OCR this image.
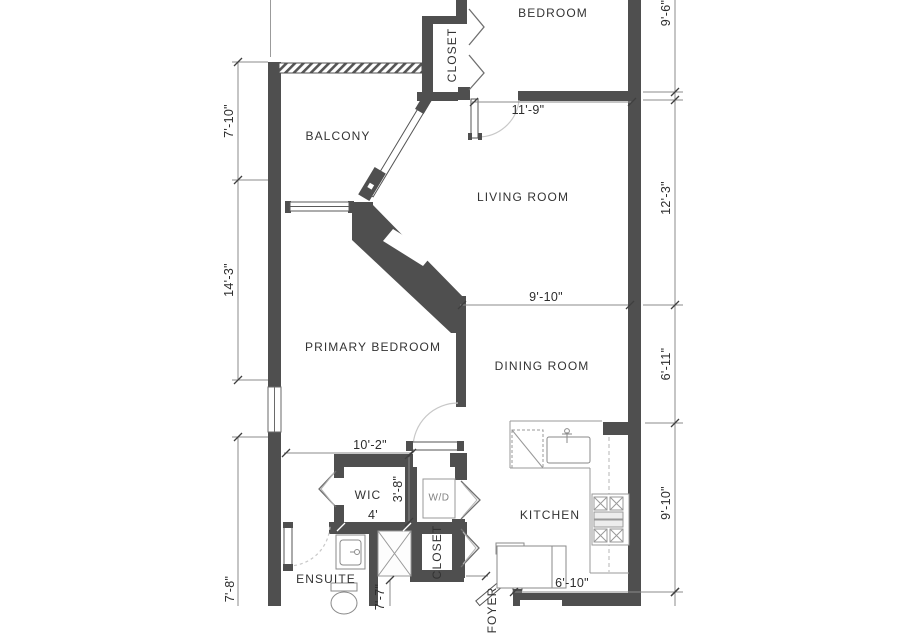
BEDROOM
CLOSET
BALCONY
LIVING ROOM
PRIMARY BEDROOM
DINING ROOM
WIC	W/D
KITCHEN
ENSUITE	CLOSET
FOYER
7'-10"
14'-3"
7'-8"
9'-6"
12'-3"
6'-11"
9'-10"
11'-9"
9'-10"
10'-2"
4'
3'-8"
7'-7"
6'-10"
